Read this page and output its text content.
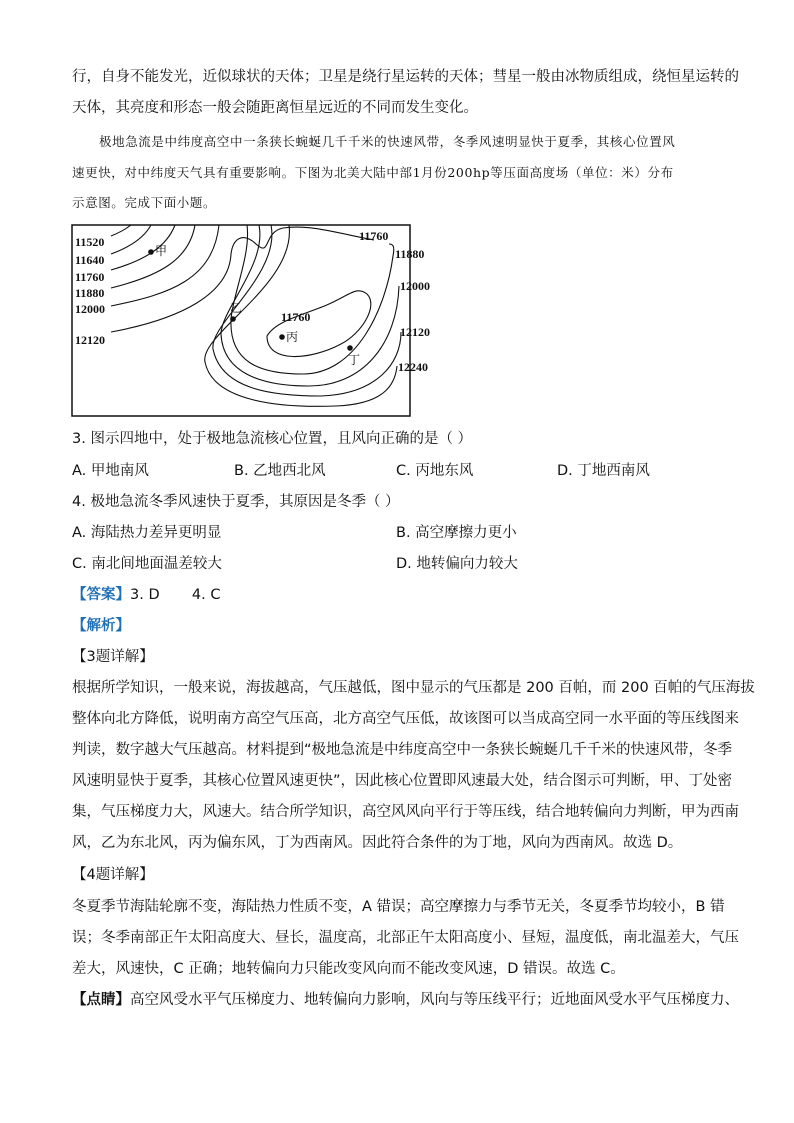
行，自身不能发光，近似球状的天体；卫星是绕行星运转的天体；彗星一般由冰物质组成，绕恒星运转的
天体，其亮度和形态一般会随距离恒星远近的不同而发生变化。
极地急流是中纬度高空中一条狭长蜿蜒几千千米的快速风带，冬季风速明显快于夏季，其核心位置风
速更快，对中纬度天气具有重要影响。下图为北美大陆中部1月份200hp等压面高度场（单位：米）分布
示意图。完成下面小题。
11520
11640
11760
11880
12000
12120
11760
11880
12000
12120
12240
11760
甲
乙
丙
丁
3. 图示四地中，处于极地急流核心位置，且风向正确的是（ ）
A. 甲地南风	B. 乙地西北风	C. 丙地东风	D. 丁地西南风
4. 极地急流冬季风速快于夏季，其原因是冬季（ ）
A. 海陆热力差异更明显	B. 高空摩擦力更小
C. 南北间地面温差较大	D. 地转偏向力较大
【答案】3. D       4. C
【解析】
【3题详解】
根据所学知识，一般来说，海拔越高，气压越低，图中显示的气压都是 200 百帕，而 200 百帕的气压海拔
整体向北方降低，说明南方高空气压高，北方高空气压低，故该图可以当成高空同一水平面的等压线图来
判读，数字越大气压越高。材料提到“极地急流是中纬度高空中一条狭长蜿蜒几千千米的快速风带，冬季
风速明显快于夏季，其核心位置风速更快”，因此核心位置即风速最大处，结合图示可判断，甲、丁处密
集，气压梯度力大，风速大。结合所学知识，高空风风向平行于等压线，结合地转偏向力判断，甲为西南
风，乙为东北风，丙为偏东风，丁为西南风。因此符合条件的为丁地，风向为西南风。故选 D。
【4题详解】
冬夏季节海陆轮廓不变，海陆热力性质不变，A 错误；高空摩擦力与季节无关，冬夏季节均较小，B 错
误；冬季南部正午太阳高度大、昼长，温度高，北部正午太阳高度小、昼短，温度低，南北温差大，气压
差大，风速快，C 正确；地转偏向力只能改变风向而不能改变风速，D 错误。故选 C。
【点睛】高空风受水平气压梯度力、地转偏向力影响，风向与等压线平行；近地面风受水平气压梯度力、
